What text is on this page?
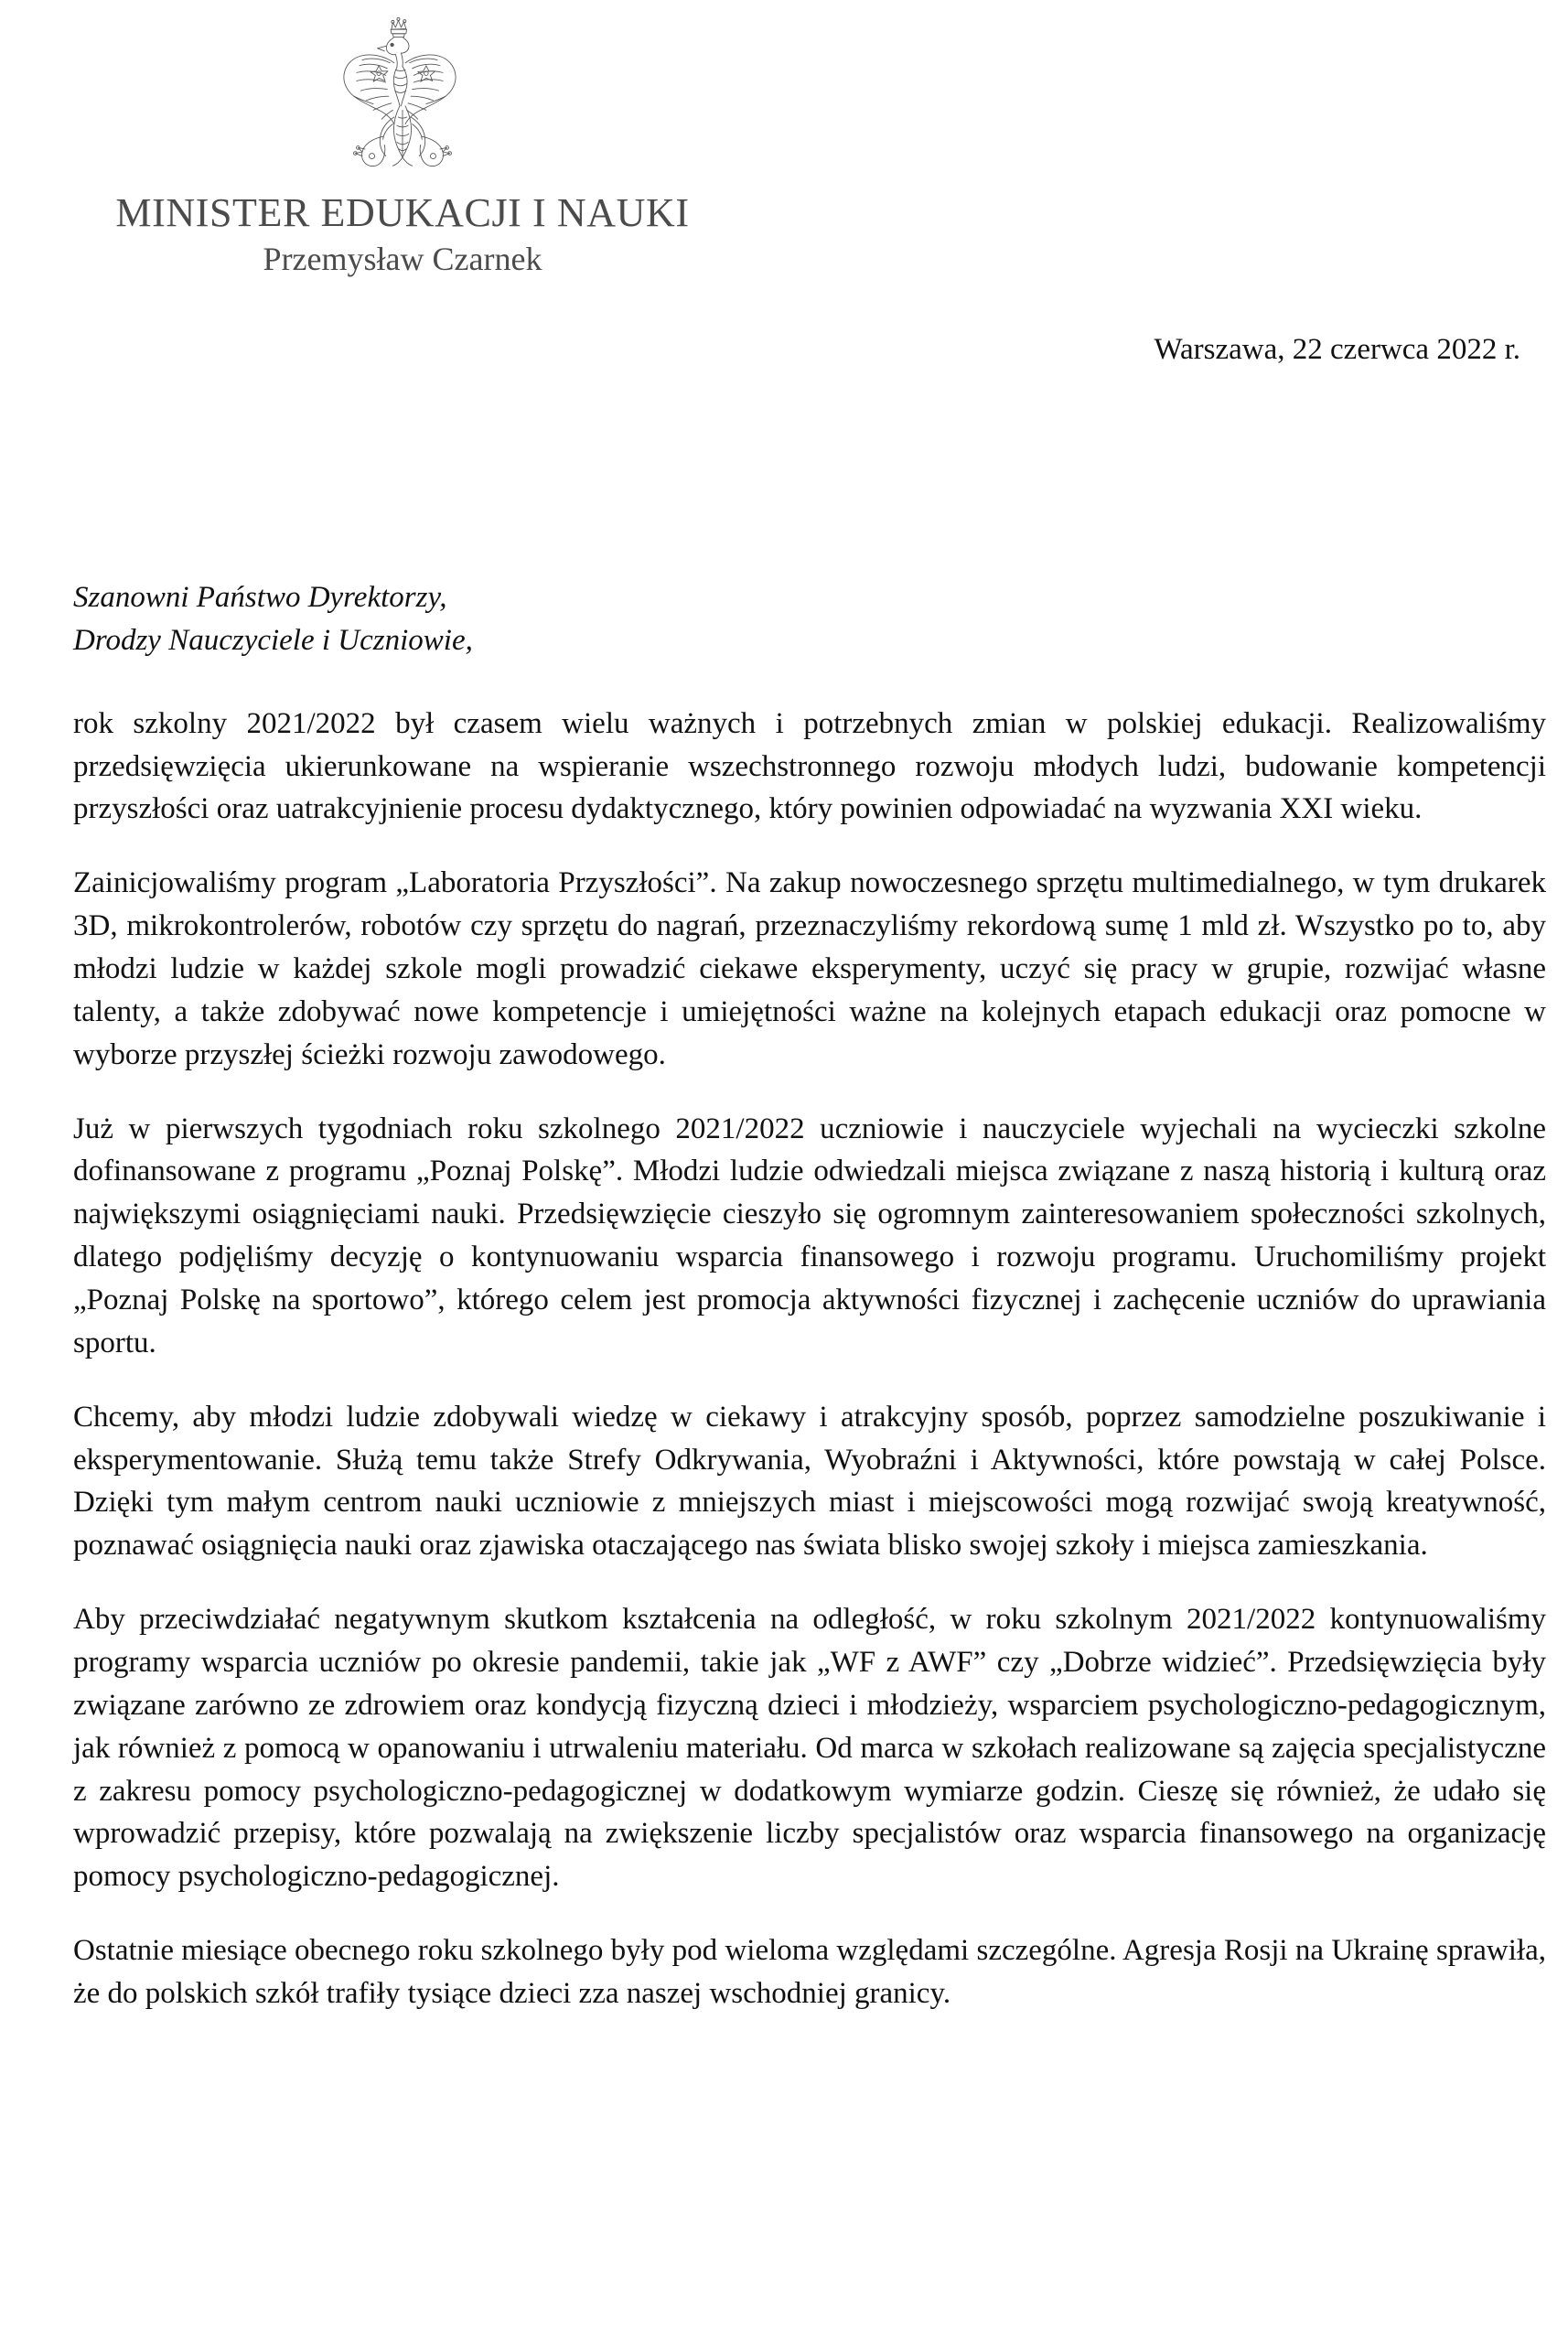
MINISTER EDUKACJI I NAUKI
Przemysław Czarnek
Warszawa, 22 czerwca 2022 r.
Szanowni Państwo Dyrektorzy,
Drodzy Nauczyciele i Uczniowie,

rok szkolny 2021/2022 był czasem wielu ważnych i potrzebnych zmian w polskiej edukacji. Realizowaliśmy przedsięwzięcia ukierunkowane na wspieranie wszechstronnego rozwoju młodych ludzi, budowanie kompetencji przyszłości oraz uatrakcyjnienie procesu dydaktycznego, który powinien odpowiadać na wyzwania XXI wieku.

Zainicjowaliśmy program „Laboratoria Przyszłości”. Na zakup nowoczesnego sprzętu multimedialnego, w tym drukarek 3D, mikrokontrolerów, robotów czy sprzętu do nagrań, przeznaczyliśmy rekordową sumę 1 mld zł. Wszystko po to, aby młodzi ludzie w każdej szkole mogli prowadzić ciekawe eksperymenty, uczyć się pracy w grupie, rozwijać własne talenty, a także zdobywać nowe kompetencje i umiejętności ważne na kolejnych etapach edukacji oraz pomocne w wyborze przyszłej ścieżki rozwoju zawodowego.

Już w pierwszych tygodniach roku szkolnego 2021/2022 uczniowie i nauczyciele wyjechali na wycieczki szkolne dofinansowane z programu „Poznaj Polskę”. Młodzi ludzie odwiedzali miejsca związane z naszą historią i kulturą oraz największymi osiągnięciami nauki. Przedsięwzięcie cieszyło się ogromnym zainteresowaniem społeczności szkolnych, dlatego podjęliśmy decyzję o kontynuowaniu wsparcia finansowego i rozwoju programu. Uruchomiliśmy projekt „Poznaj Polskę na sportowo”, którego celem jest promocja aktywności fizycznej i zachęcenie uczniów do uprawiania sportu.

Chcemy, aby młodzi ludzie zdobywali wiedzę w ciekawy i atrakcyjny sposób, poprzez samodzielne poszukiwanie i eksperymentowanie. Służą temu także Strefy Odkrywania, Wyobraźni i Aktywności, które powstają w całej Polsce. Dzięki tym małym centrom nauki uczniowie z mniejszych miast i miejscowości mogą rozwijać swoją kreatywność, poznawać osiągnięcia nauki oraz zjawiska otaczającego nas świata blisko swojej szkoły i miejsca zamieszkania.

Aby przeciwdziałać negatywnym skutkom kształcenia na odległość, w roku szkolnym 2021/2022 kontynuowaliśmy programy wsparcia uczniów po okresie pandemii, takie jak „WF z AWF” czy „Dobrze widzieć”. Przedsięwzięcia były związane zarówno ze zdrowiem oraz kondycją fizyczną dzieci i młodzieży, wsparciem psychologiczno-pedagogicznym, jak również z pomocą w opanowaniu i utrwaleniu materiału. Od marca w szkołach realizowane są zajęcia specjalistyczne z zakresu pomocy psychologiczno-pedagogicznej w dodatkowym wymiarze godzin. Cieszę się również, że udało się wprowadzić przepisy, które pozwalają na zwiększenie liczby specjalistów oraz wsparcia finansowego na organizację pomocy psychologiczno-pedagogicznej.

Ostatnie miesiące obecnego roku szkolnego były pod wieloma względami szczególne. Agresja Rosji na Ukrainę sprawiła, że do polskich szkół trafiły tysiące dzieci zza naszej wschodniej granicy.
